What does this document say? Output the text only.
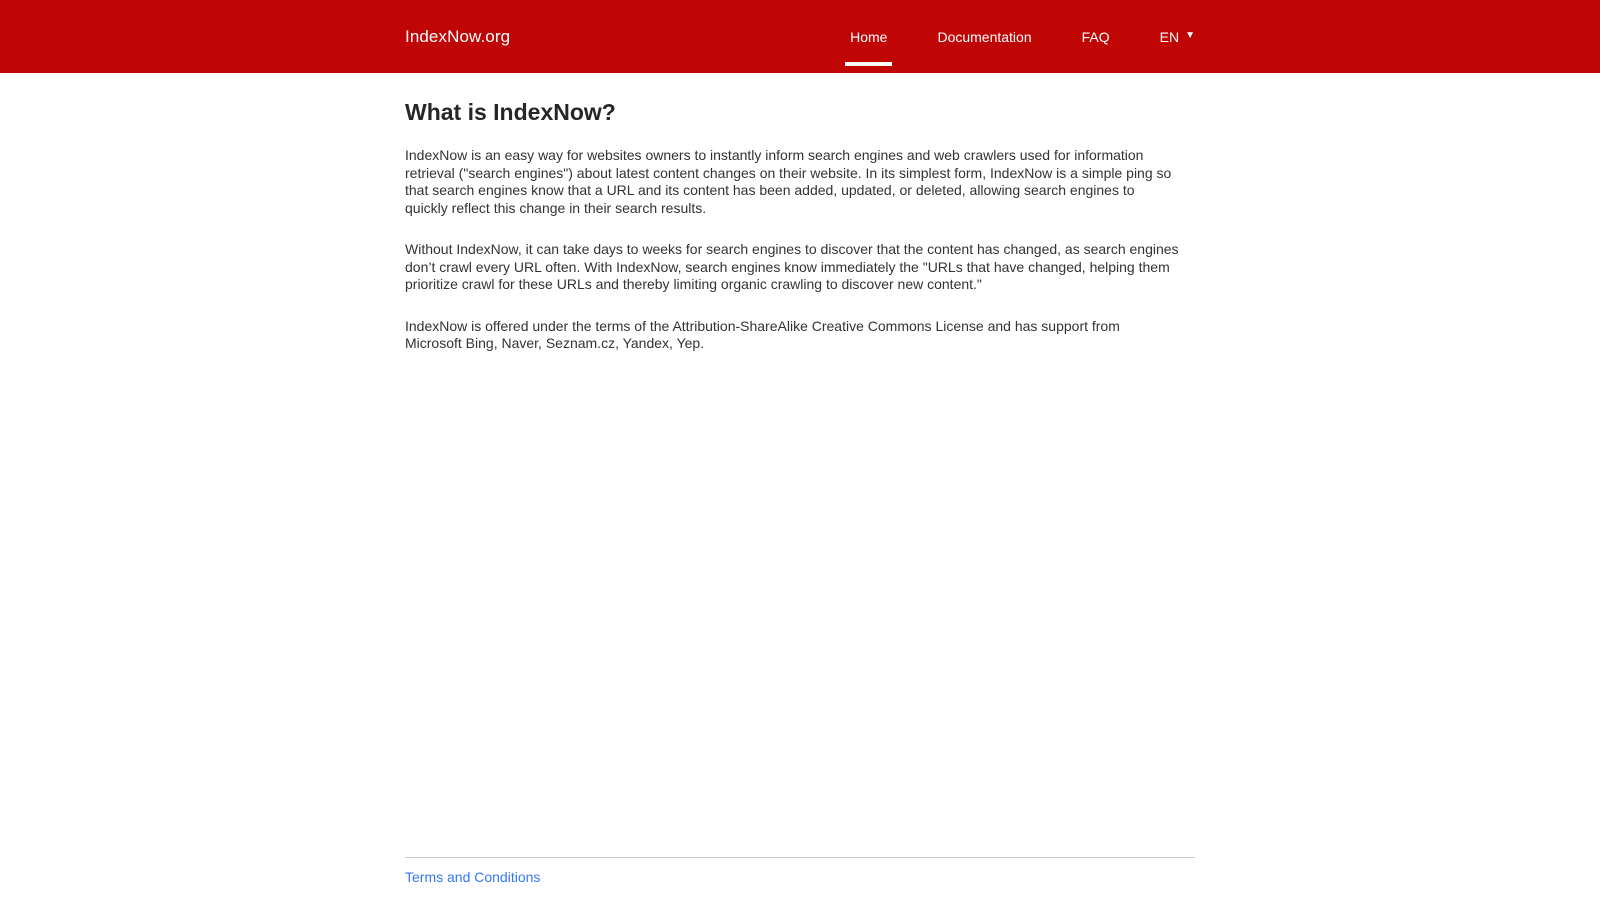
IndexNow.org	Home	Documentation	FAQ	EN ▼
What is IndexNow?

IndexNow is an easy way for websites owners to instantly inform search engines and web crawlers used for information retrieval ("search engines") about latest content changes on their website. In its simplest form, IndexNow is a simple ping so that search engines know that a URL and its content has been added, updated, or deleted, allowing search engines to quickly reflect this change in their search results.

Without IndexNow, it can take days to weeks for search engines to discover that the content has changed, as search engines don’t crawl every URL often. With IndexNow, search engines know immediately the "URLs that have changed, helping them prioritize crawl for these URLs and thereby limiting organic crawling to discover new content."

IndexNow is offered under the terms of the Attribution-ShareAlike Creative Commons License and has support from Microsoft Bing, Naver, Seznam.cz, Yandex, Yep.

Terms and Conditions
